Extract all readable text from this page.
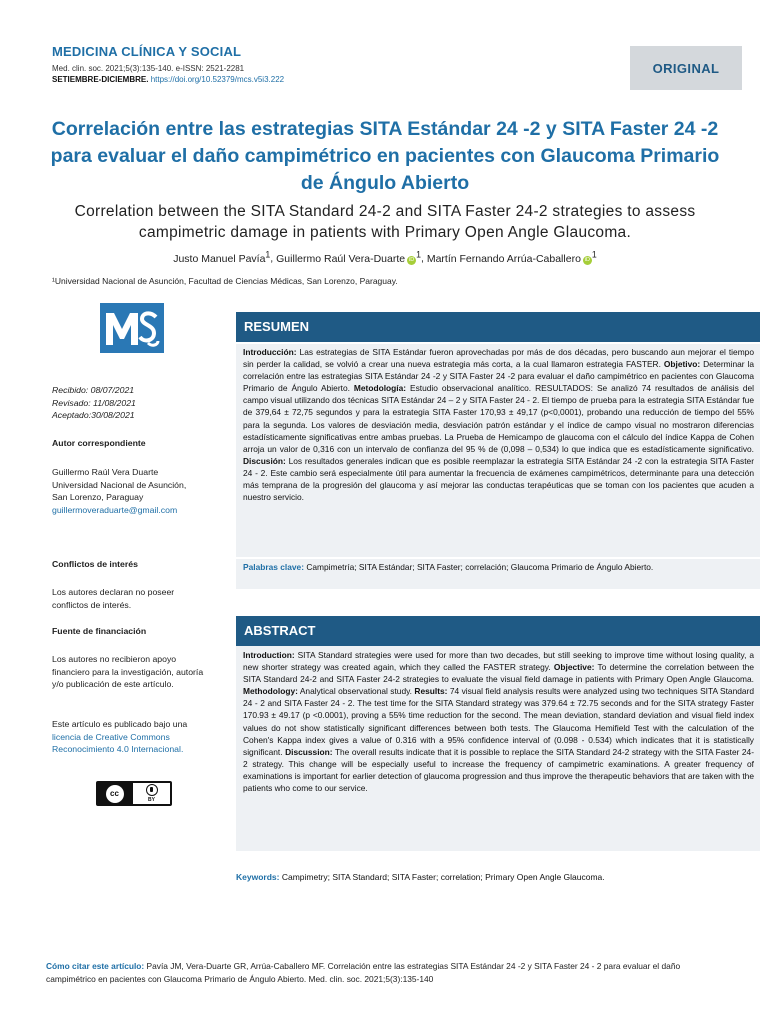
MEDICINA CLÍNICA Y SOCIAL
Med. clin. soc. 2021;5(3):135-140. e-ISSN: 2521-2281
SETIEMBRE-DICIEMBRE. https://doi.org/10.52379/mcs.v5i3.222
ORIGINAL
Correlación entre las estrategias SITA Estándar 24 -2 y SITA Faster 24 -2 para evaluar el daño campimétrico en pacientes con Glaucoma Primario de Ángulo Abierto
Correlation between the SITA Standard 24-2 and SITA Faster 24-2 strategies to assess campimetric damage in patients with Primary Open Angle Glaucoma.
Justo Manuel Pavía$^1$, Guillermo Raúl Vera-Duarte $iD^1$, Martín Fernando Arrúa-Caballero $iD^1$
¹Universidad Nacional de Asunción, Facultad de Ciencias Médicas, San Lorenzo, Paraguay.
Recibido: 08/07/2021
Revisado: 11/08/2021
Aceptado:30/08/2021
Autor correspondiente
Guillermo Raúl Vera Duarte
Universidad Nacional de Asunción,
San Lorenzo, Paraguay
guillermoveraduarte@gmail.com
Conflictos de interés
Los autores declaran no poseer conflictos de interés.
Fuente de financiación
Los autores no recibieron apoyo financiero para la investigación, autoría y/o publicación de este artículo.
Este artículo es publicado bajo una
licencia de Creative Commons Reconocimiento 4.0 Internacional.
cc
BY
RESUMEN
Introducción: Las estrategias de SITA Estándar fueron aprovechadas por más de dos décadas, pero buscando aun mejorar el tiempo sin perder la calidad, se volvió a crear una nueva estrategia más corta, a la cual llamaron estrategia FASTER. Objetivo: Determinar la correlación entre las estrategias SITA Estándar 24 -2 y SITA Faster 24 -2 para evaluar el daño campimétrico en pacientes con Glaucoma Primario de Ángulo Abierto. Metodología: Estudio observacional analítico. RESULTADOS: Se analizó 74 resultados de análisis del campo visual utilizando dos técnicas SITA Estándar 24 – 2 y SITA Faster 24 - 2. El tiempo de prueba para la estrategia SITA Estándar fue de 379,64 ± 72,75 segundos y para la estrategia SITA Faster 170,93 ± 49,17 (p<0,0001), probando una reducción de tiempo del 55% para la segunda. Los valores de desviación media, desviación patrón estándar y el índice de campo visual no mostraron diferencias estadísticamente significativas entre ambas pruebas. La Prueba de Hemicampo de glaucoma con el cálculo del índice Kappa de Cohen arroja un valor de 0,316 con un intervalo de confianza del 95 % de (0,098 – 0,534) lo que indica que es estadísticamente significativo. Discusión: Los resultados generales indican que es posible reemplazar la estrategia SITA Estándar 24 -2 con la estrategia SITA Faster 24 - 2. Este cambio será especialmente útil para aumentar la frecuencia de exámenes campimétricos, determinante para una detección más temprana de la progresión del glaucoma y así mejorar las conductas terapéuticas que se toman con los pacientes que acuden a nuestro servicio.
Palabras clave: Campimetría; SITA Estándar; SITA Faster; correlación; Glaucoma Primario de Ángulo Abierto.
ABSTRACT
Introduction: SITA Standard strategies were used for more than two decades, but still seeking to improve time without losing quality, a new shorter strategy was created again, which they called the FASTER strategy. Objective: To determine the correlation between the SITA Standard 24-2 and SITA Faster 24-2 strategies to evaluate the visual field damage in patients with Primary Open Angle Glaucoma. Methodology: Analytical observational study. Results: 74 visual field analysis results were analyzed using two techniques SITA Standard 24 - 2 and SITA Faster 24 - 2. The test time for the SITA Standard strategy was 379.64 ± 72.75 seconds and for the SITA strategy Faster 170.93 ± 49.17 (p <0.0001), proving a 55% time reduction for the second. The mean deviation, standard deviation and visual field index values do not show statistically significant differences between both tests. The Glaucoma Hemifield Test with the calculation of the Cohen's Kappa index gives a value of 0.316 with a 95% confidence interval of (0.098 - 0.534) which indicates that it is statistically significant. Discussion: The overall results indicate that it is possible to replace the SITA Standard 24-2 strategy with the SITA Faster 24-2 strategy. This change will be especially useful to increase the frequency of campimetric examinations. A greater frequency of examinations is important for earlier detection of glaucoma progression and thus improve the therapeutic behaviors that are taken with the patients who come to our service.
Keywords: Campimetry; SITA Standard; SITA Faster; correlation; Primary Open Angle Glaucoma.
Cómo citar este artículo: Pavía JM, Vera-Duarte GR, Arrúa-Caballero MF. Correlación entre las estrategias SITA Estándar 24 -2 y SITA Faster 24 - 2 para evaluar el daño campimétrico en pacientes con Glaucoma Primario de Ángulo Abierto. Med. clin. soc. 2021;5(3):135-140
